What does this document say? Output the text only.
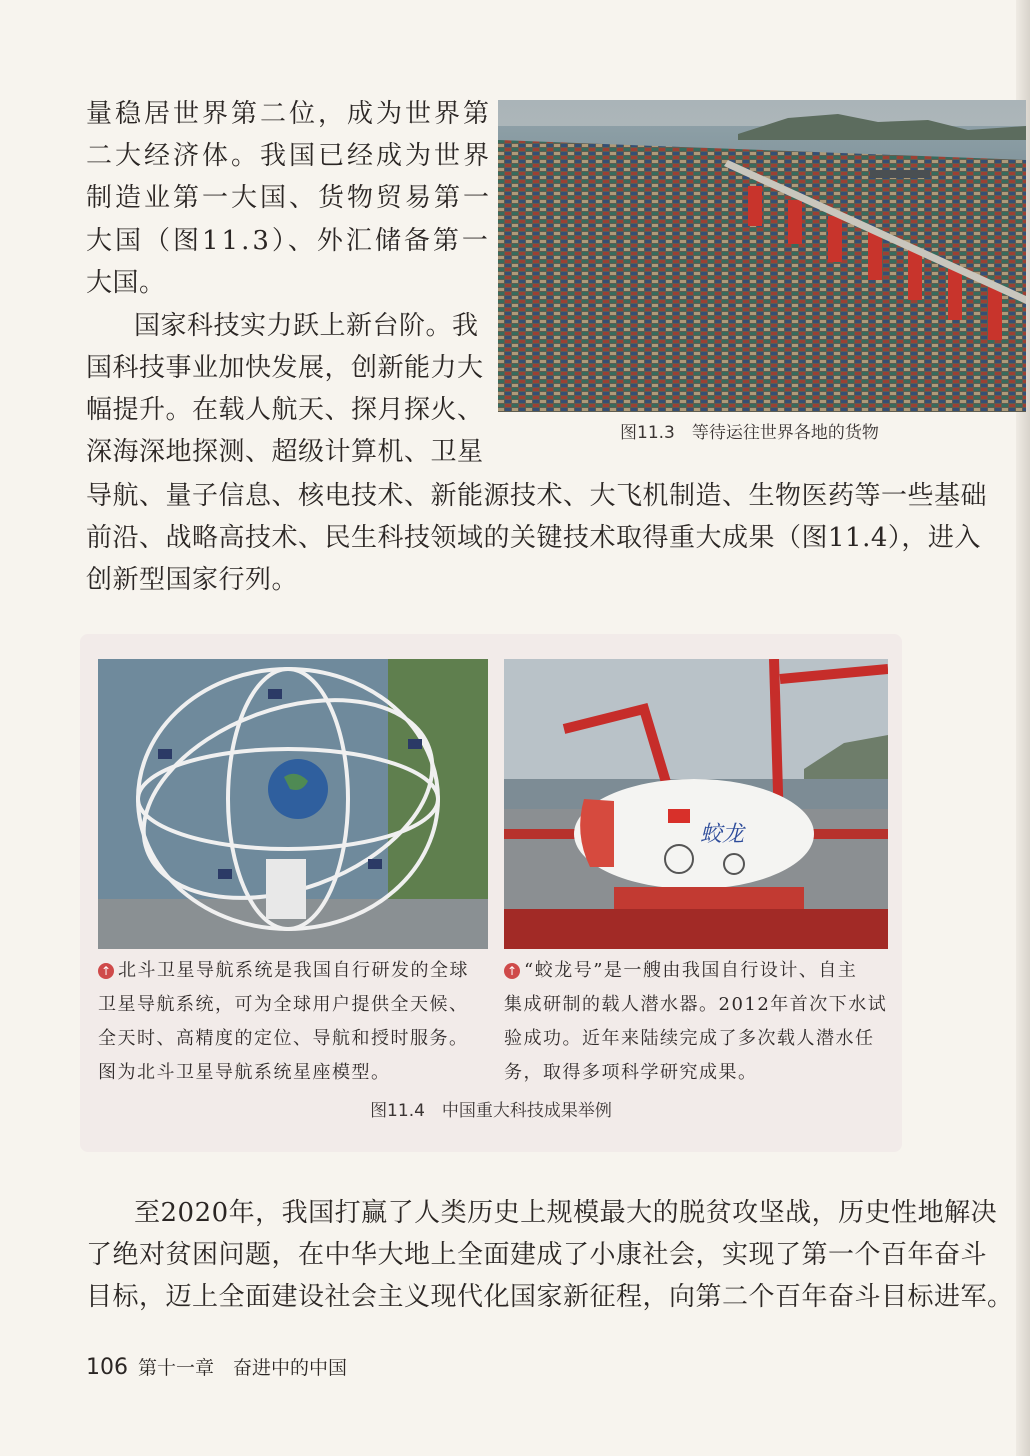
量稳居世界第二位，成为世界第
二大经济体。我国已经成为世界
制造业第一大国、货物贸易第一
大国（图11.3）、外汇储备第一
大国。
国家科技实力跃上新台阶。我
国科技事业加快发展，创新能力大
幅提升。在载人航天、探月探火、
深海深地探测、超级计算机、卫星
导航、量子信息、核电技术、新能源技术、大飞机制造、生物医药等一些基础
前沿、战略高技术、民生科技领域的关键技术取得重大成果（图11.4），进入
创新型国家行列。
图11.3　等待运往世界各地的货物
蛟龙
↑ 北斗卫星导航系统是我国自行研发的全球
卫星导航系统，可为全球用户提供全天候、
全天时、高精度的定位、导航和授时服务。
图为北斗卫星导航系统星座模型。
↑ “蛟龙号”是一艘由我国自行设计、自主
集成研制的载人潜水器。2012年首次下水试
验成功。近年来陆续完成了多次载人潜水任
务，取得多项科学研究成果。
图11.4　中国重大科技成果举例
至2020年，我国打赢了人类历史上规模最大的脱贫攻坚战，历史性地解决
了绝对贫困问题，在中华大地上全面建成了小康社会，实现了第一个百年奋斗
目标，迈上全面建设社会主义现代化国家新征程，向第二个百年奋斗目标进军。
106 第十一章　奋进中的中国
